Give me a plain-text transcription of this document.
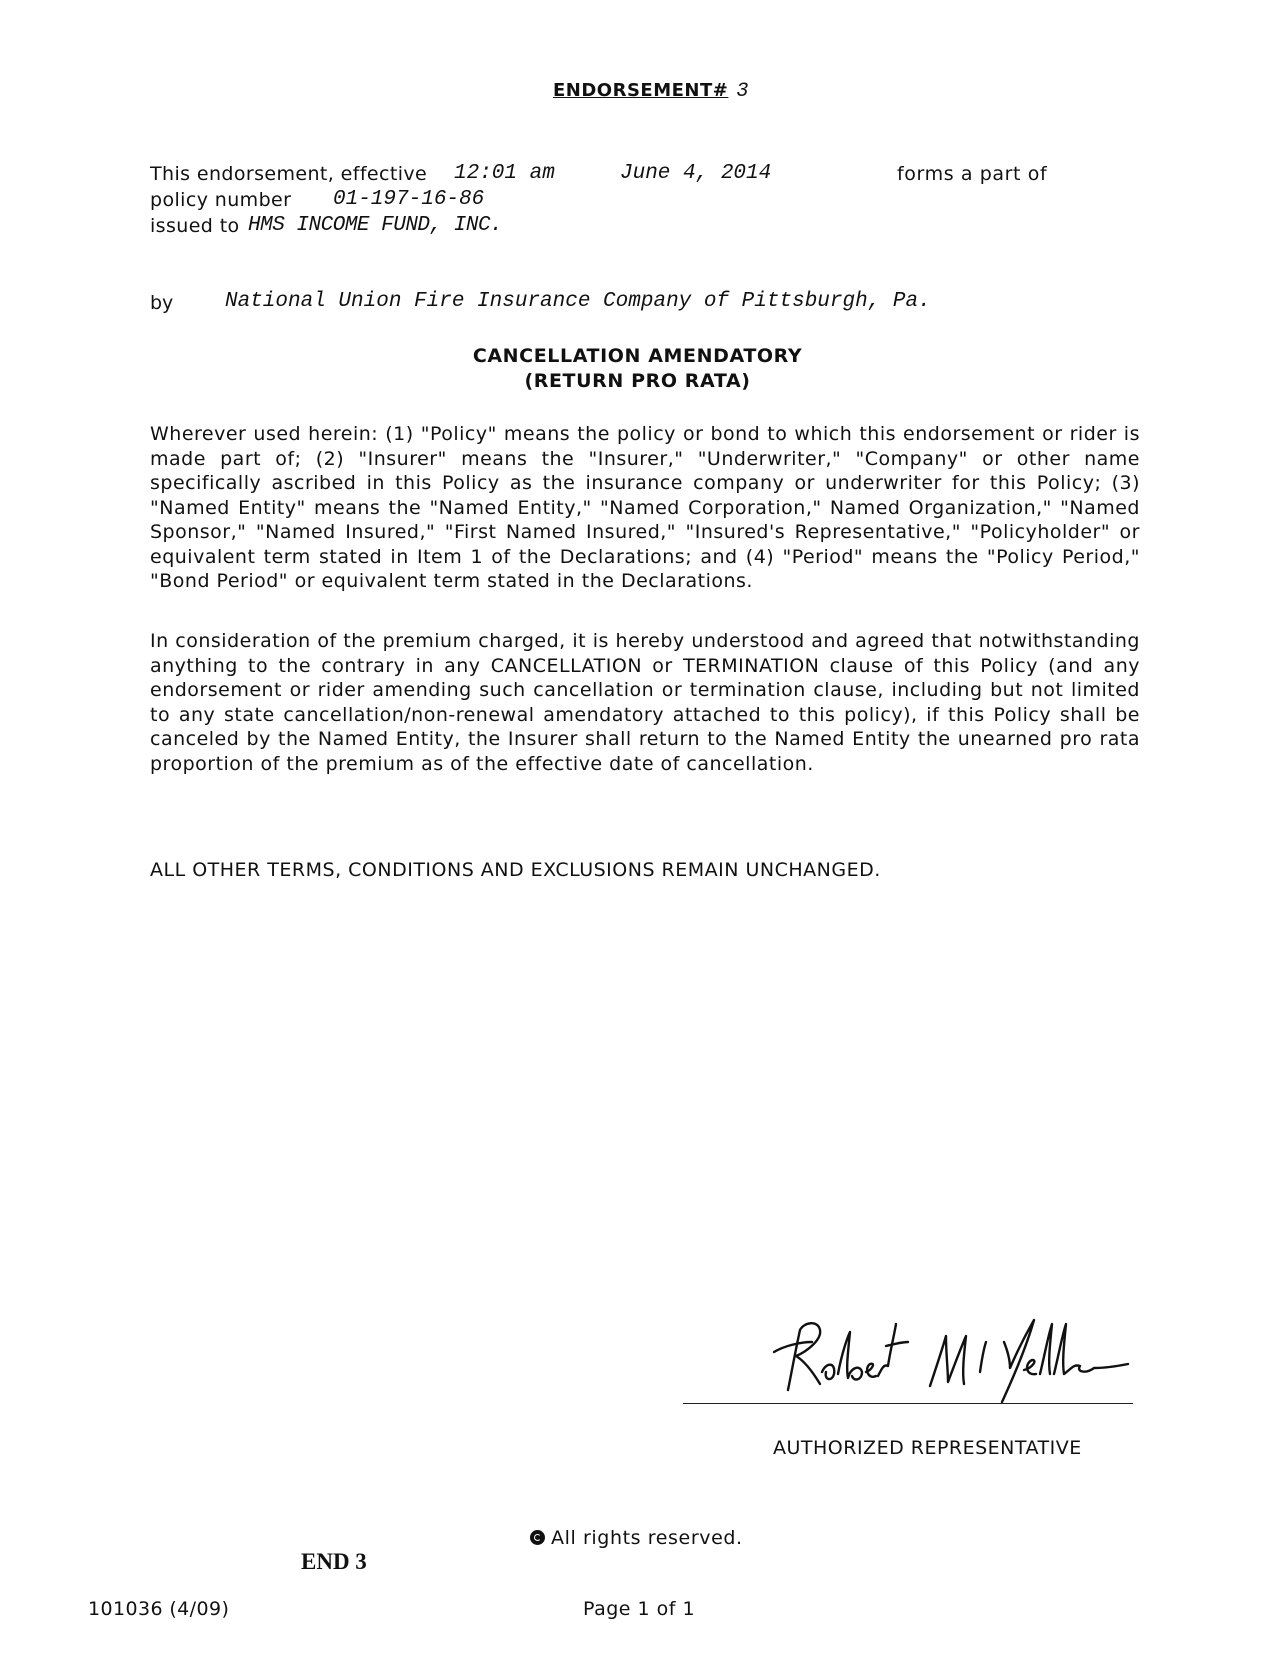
ENDORSEMENT# 3
This endorsement, effective 12:01 am	June 4, 2014	forms a part of
policy number 01-197-16-86
issued to HMS INCOME FUND, INC.
by National Union Fire Insurance Company of Pittsburgh, Pa.
CANCELLATION AMENDATORY
(RETURN PRO RATA)

Wherever used herein: (1) "Policy" means the policy or bond to which this endorsement or rider is made part of; (2) "Insurer" means the "Insurer," "Underwriter," "Company" or other name specifically ascribed in this Policy as the insurance company or underwriter for this Policy; (3) "Named Entity" means the "Named Entity," "Named Corporation," Named Organization," "Named Sponsor," "Named Insured," "First Named Insured," "Insured's Representative," "Policyholder" or equivalent term stated in Item 1 of the Declarations; and (4) "Period" means the "Policy Period," "Bond Period" or equivalent term stated in the Declarations.

In consideration of the premium charged, it is hereby understood and agreed that notwithstanding anything to the contrary in any CANCELLATION or TERMINATION clause of this Policy (and any endorsement or rider amending such cancellation or termination clause, including but not limited to any state cancellation/non-renewal amendatory attached to this policy), if this Policy shall be canceled by the Named Entity, the Insurer shall return to the Named Entity the unearned pro rata proportion of the premium as of the effective date of cancellation.

ALL OTHER TERMS, CONDITIONS AND EXCLUSIONS REMAIN UNCHANGED.
AUTHORIZED REPRESENTATIVE
All rights reserved.
END 3
101036 (4/09)	Page 1 of 1
